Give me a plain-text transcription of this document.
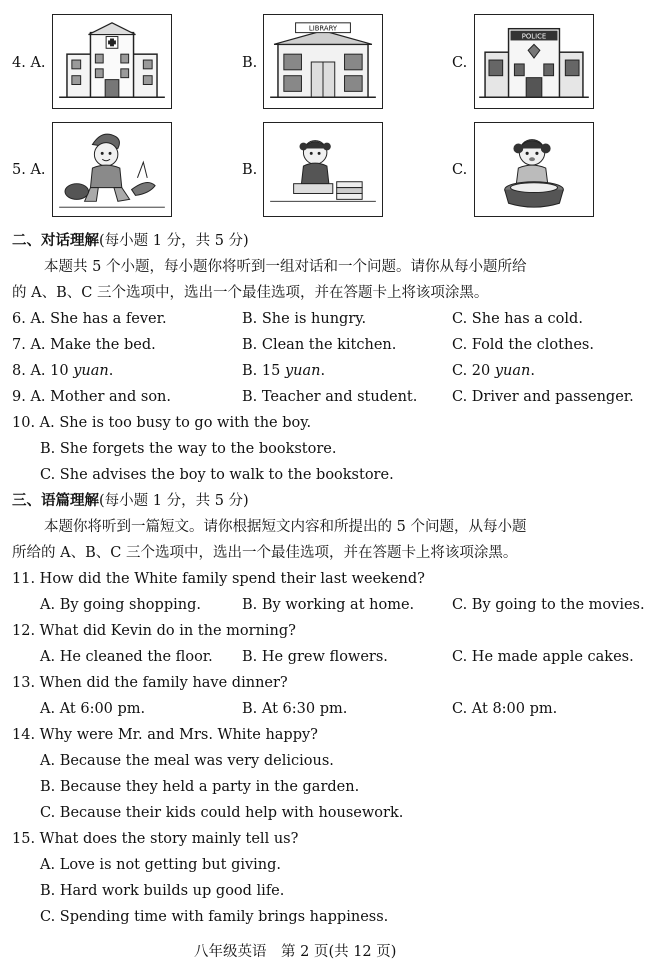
4. A.	B.
LIBRARY
C.
POLICE
5. A.	B.	C.
二、对话理解(每小题 1 分，共 5 分)
本题共 5 个小题，每小题你将听到一组对话和一个问题。请你从每小题所给
的 A、B、C 三个选项中，选出一个最佳选项，并在答题卡上将该项涂黑。
6. A. She has a fever.	B. She is hungry.	C. She has a cold.
7. A. Make the bed.	B. Clean the kitchen.	C. Fold the clothes.
8. A. 10 yuan.	B. 15 yuan.	C. 20 yuan.
9. A. Mother and son.	B. Teacher and student. C. Driver and passenger.
10. A. She is too busy to go with the boy.
B. She forgets the way to the bookstore.
C. She advises the boy to walk to the bookstore.
三、语篇理解(每小题 1 分，共 5 分)
本题你将听到一篇短文。请你根据短文内容和所提出的 5 个问题，从每小题
所给的 A、B、C 三个选项中，选出一个最佳选项，并在答题卡上将该项涂黑。
11. How did the White family spend their last weekend?
A. By going shopping.	B. By working at home.	C. By going to the movies.
12. What did Kevin do in the morning?
A. He cleaned the floor. B. He grew flowers.	C. He made apple cakes.
13. When did the family have dinner?
A. At 6:00 pm.	B. At 6:30 pm.	C. At 8:00 pm.
14. Why were Mr. and Mrs. White happy?
A. Because the meal was very delicious.
B. Because they held a party in the garden.
C. Because their kids could help with housework.
15. What does the story mainly tell us?
A. Love is not getting but giving.
B. Hard work builds up good life.
C. Spending time with family brings happiness.
八年级英语　第 2 页(共 12 页)
